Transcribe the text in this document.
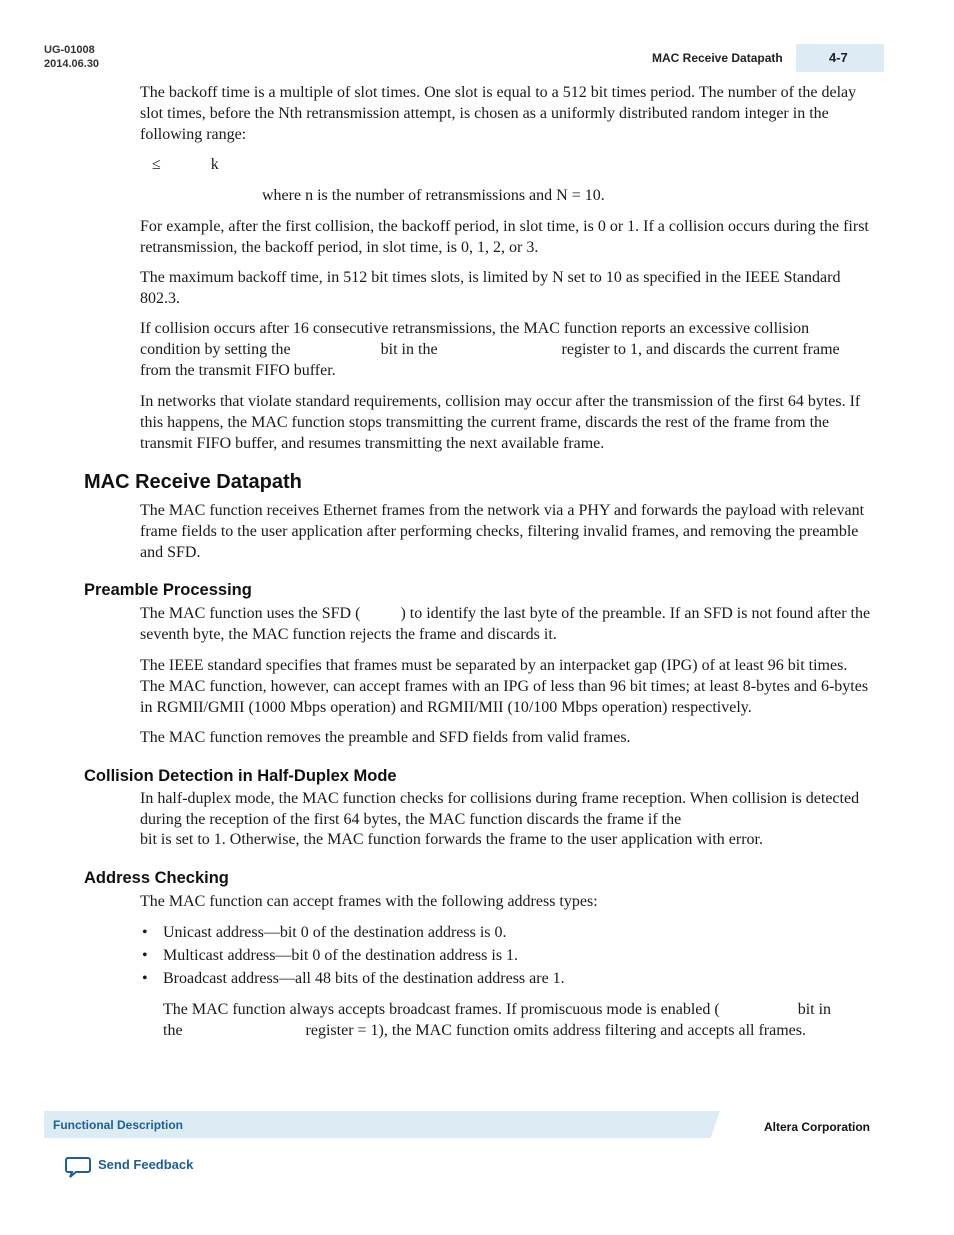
UG-01008
2014.06.30	MAC Receive Datapath	4-7

The backoff time is a multiple of slot times. One slot is equal to a 512 bit times period. The number of the delay slot times, before the Nth retransmission attempt, is chosen as a uniformly distributed random integer in the following range:

≤	k

where n is the number of retransmissions and N = 10.

For example, after the first collision, the backoff period, in slot time, is 0 or 1. If a collision occurs during the first retransmission, the backoff period, in slot time, is 0, 1, 2, or 3.

The maximum backoff time, in 512 bit times slots, is limited by N set to 10 as specified in the IEEE Standard 802.3.

If collision occurs after 16 consecutive retransmissions, the MAC function reports an excessive collision
condition by setting the	bit in the	register to 1, and discards the current frame
from the transmit FIFO buffer.

In networks that violate standard requirements, collision may occur after the transmission of the first 64 bytes. If this happens, the MAC function stops transmitting the current frame, discards the rest of the frame from the transmit FIFO buffer, and resumes transmitting the next available frame.

MAC Receive Datapath

The MAC function receives Ethernet frames from the network via a PHY and forwards the payload with relevant frame fields to the user application after performing checks, filtering invalid frames, and removing the preamble and SFD.

Preamble Processing
The MAC function uses the SFD (	) to identify the last byte of the preamble. If an SFD is not found after the seventh byte, the MAC function rejects the frame and discards it.

The IEEE standard specifies that frames must be separated by an interpacket gap (IPG) of at least 96 bit times. The MAC function, however, can accept frames with an IPG of less than 96 bit times; at least 8-bytes and 6-bytes in RGMII/GMII (1000 Mbps operation) and RGMII/MII (10/100 Mbps operation) respectively.

The MAC function removes the preamble and SFD fields from valid frames.

Collision Detection in Half-Duplex Mode

In half-duplex mode, the MAC function checks for collisions during frame reception. When collision is detected during the reception of the first 64 bytes, the MAC function discards the frame if the

bit is set to 1. Otherwise, the MAC function forwards the frame to the user application with error.

Address Checking

The MAC function can accept frames with the following address types:

• Unicast address—bit 0 of the destination address is 0.

• Multicast address—bit 0 of the destination address is 1.

• Broadcast address—all 48 bits of the destination address are 1.

The MAC function always accepts broadcast frames. If promiscuous mode is enabled (	bit in
the	register = 1), the MAC function omits address filtering and accepts all frames.
Functional Description	Altera Corporation
Send Feedback
